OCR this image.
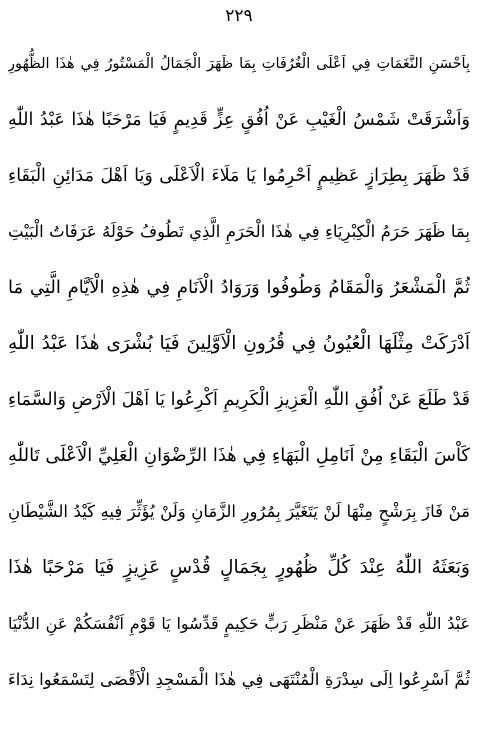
٢٢٩
بِاَحْسَنِ النَّغَمَاتِ فِي اَعْلَى الْغُرُفَاتِ بِمَا ظَهَرَ الْجَمَالُ الْمَسْتُورُ فِي هٰذَا الظُّهُورِ
وَاَشْرَقَتْ شَمْسُ الْغَيْبِ عَنْ اُفُقٍ عِزٍّ قَدِيمٍ فَيَا مَرْحَبًا هٰذَا عَبْدُ اللّٰهِ
قَدْ ظَهَرَ بِطِرَازٍ عَظِيمٍ اَحْرِمُوا يَا مَلَاءَ الْاَعْلَى وَيَا اَهْلَ مَدَائِنِ الْبَقَاءِ
بِمَا ظَهَرَ حَرَمُ الْكِبْرِيَاءِ فِي هٰذَا الْحَرَمِ الَّذِي تَطُوفُ حَوْلَهُ عَرَفَاتُ الْبَيْتِ
ثُمَّ الْمَشْعَرُ وَالْمَقَامُ وَطُوفُوا وَرَوَادُ الْاَنَامِ فِي هٰذِهِ الْاَيَّامِ الَّتِي مَا
اَدْرَكَتْ مِثْلَهَا الْعُيُونُ فِي قُرُونِ الْاَوَّلِينَ فَيَا بُشْرَى هٰذَا عَبْدُ اللّٰهِ
قَدْ طَلَعَ عَنْ اُفُقِ اللّٰهِ الْعَزِيزِ الْكَرِيمِ اَكْرِعُوا يَا اَهْلَ الْاَرْضِ وَالسَّمَاءِ
كَاْسَ الْبَقَاءِ مِنْ اَنَامِلِ الْبَهَاءِ فِي هٰذَا الرِّضْوَانِ الْعَلِيِّ الْاَعْلَى تَاللّٰهِ
مَنْ فَازَ بِرَشْحٍ مِنْهَا لَنْ يَتَغَيَّرَ بِمُرُورِ الزَّمَانِ وَلَنْ يُؤَثِّرَ فِيهِ كَيْدُ الشَّيْطَانِ
وَبَعَثَهُ اللّٰهُ عِنْدَ كُلِّ ظُهُورٍ بِجَمَالٍ قُدْسٍ عَزِيزٍ فَيَا مَرْحَبًا هٰذَا
عَبْدُ اللّٰهِ قَدْ ظَهَرَ عَنْ مَنْظَرِ رَبٍّ حَكِيمٍ قَدِّسُوا يَا قَوْمِ اَنْفُسَكُمْ عَنِ الدُّنْيَا
ثُمَّ اَسْرِعُوا اِلَى سِدْرَةِ الْمُنْتَهَى فِي هٰذَا الْمَسْجِدِ الْاَقْصَى لِتَسْمَعُوا نِدَاءَ
